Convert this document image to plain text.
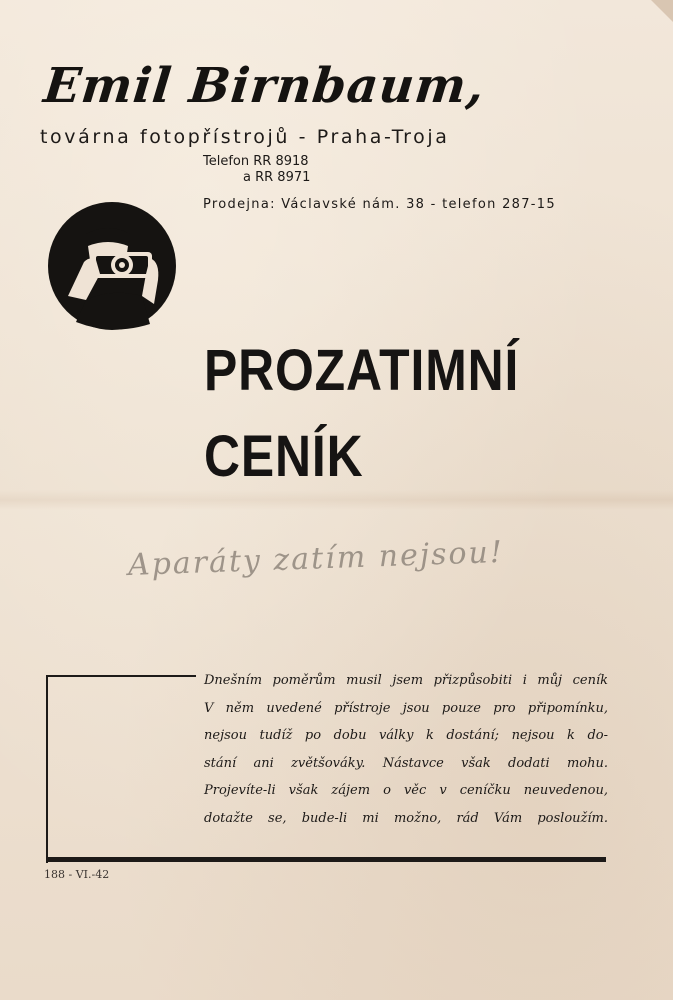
Emil Birnbaum,
továrna fotopřístrojů - Praha-Troja
Telefon RR 8918
a RR 8971
Prodejna: Václavské nám. 38 - telefon 287-15
PROZATIMNÍ
CENÍK
Aparáty zatím nejsou!
Dnešním poměrům musil jsem přizpůsobiti i můj ceník
V něm uvedené přístroje jsou pouze pro připomínku,
nejsou tudíž po dobu války k dostání; nejsou k do-
stání ani zvětšováky. Nástavce však dodati mohu.
Projevíte-li však zájem o věc v ceníčku neuvedenou,
dotažte se, bude-li mi možno, rád Vám posloužím.
188 - VI.-42
